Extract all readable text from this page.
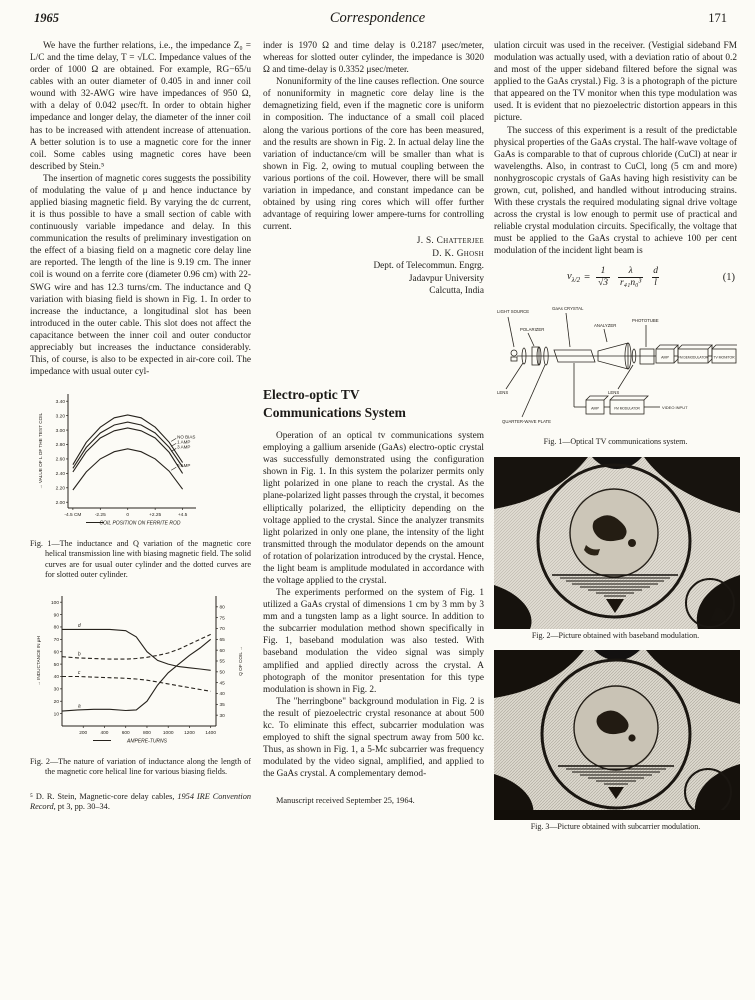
1965	Correspondence	171

We have the further relations, i.e., the impedance Z₀ = L/C and the time delay, T = √LC. Impedance values of the order of 1000 Ω are obtained. For example, RG−65/u cables with an outer diameter of 0.405 in and inner coil wound with 32-AWG wire have impedances of 950 Ω, with a delay of 0.042 μsec/ft. In order to obtain higher impedance and longer delay, the diameter of the inner coil has to be increased with attendent increase of attenuation. A better solution is to use a magnetic core for the inner coil. Some cables using magnetic cores have been described by Stein.⁵

The insertion of magnetic cores suggests the possibility of modulating the value of μ and hence inductance by applied biasing magnetic field. By varying the dc current, it is thus possible to have a small section of cable with continuously variable impedance and delay. In this communication the results of preliminary investigation on the effect of a biasing field on a magnetic core delay line are reported. The length of the line is 9.19 cm. The inner coil is wound on a ferrite core (diameter 0.96 cm) with 22-SWG wire and has 12.3 turns/cm. The inductance and Q variation with biasing field is shown in Fig. 1. In order to increase the inductance, a longitudinal slot has been introduced in the outer cable. This slot does not affect the capacitance between the inner coil and outer conductor appreciably but increases the inductance considerably. This, of course, is also to be expected in air-core coil. The impedance with usual outer cyl-

2.00
2.20
2.40
2.60
2.80
3.00
3.20
3.40
-4.5 CM	-2.25	0	+2.25	+4.5
COIL POSITION ON FERRITE ROD
→ VALUE OF L OF THE TEST COIL	NO BIAS
1 AMP
3 AMP
5 AMP
Fig. 1—The inductance and Q variation of the magnetic core helical transmission line with biasing magnetic field. The solid curves are for usual outer cylinder and the dotted curves are for slotted outer cylinder.
10
20
30
40
50
60
70
80
90
100
30
35
40
45
50
55
60
65
70
75
80
200	400	600	800 1000 1200 1400
AMPERE-TURNS
→ INDUCTANCE IN μH	Q OF COIL →
d
a
b
c
Fig. 2—The nature of variation of inductance along the length of the magnetic core helical line for various biasing fields.

⁵ D. R. Stein, Magnetic-core delay cables, 1954 IRE Convention Record, pt 3, pp. 30–34.

inder is 1970 Ω and time delay is 0.2187 μsec/meter, whereas for slotted outer cylinder, the impedance is 3020 Ω and time-delay is 0.3352 μsec/meter.

Nonuniformity of the line causes reflection. One source of nonuniformity in magnetic core delay line is the demagnetizing field, even if the magnetic core is uniform in composition. The inductance of a small coil placed along the various portions of the core has been measured, and the results are shown in Fig. 2. In actual delay line the variation of inductance/cm will be smaller than what is shown in Fig. 2, owing to mutual coupling between the various portions of the coil. However, there will be small variation in impedance, and constant impedance can be obtained by using ring cores which will offer further advantage of requiring lower ampere-turns for controlling current.

J. S. Chatterjee
D. K. Ghosh
Dept. of Telecommun. Engrg.
Jadavpur University
Calcutta, India
Electro-optic TV
Communications System

Operation of an optical tv communications system employing a gallium arsenide (GaAs) electro-optic crystal was successfully demonstrated using the configuration shown in Fig. 1. In this system the polarizer permits only light polarized in one plane to reach the crystal. As the plane-polarized light passes through the crystal, it becomes elliptically polarized, the ellipticity depending on the voltage applied to the crystal. Since the analyzer transmits light polarized in only one plane, the intensity of the light transmitted through the modulator depends on the amount of rotation of polarization introduced by the crystal. Hence, the light beam is amplitude modulated in accordance with the voltage applied to the crystal.

The experiments performed on the system of Fig. 1 utilized a GaAs crystal of dimensions 1 cm by 3 mm by 3 mm and a tungsten lamp as a light source. In addition to the subcarrier modulation method shown specifically in Fig. 1, baseband modulation was also tested. With baseband modulation the video signal was simply amplified and applied directly across the crystal. A photograph of the monitor presentation for this type modulation is shown in Fig. 2.

The "herringbone" background modulation in Fig. 2 is the result of piezoelectric crystal resonance at about 500 kc. To eliminate this effect, subcarrier modulation was employed to shift the signal spectrum away from 500 kc. Thus, as shown in Fig. 1, a 5-Mc subcarrier was frequency modulated by the video signal, amplified, and applied to the GaAs crystal. A complementary demod-

Manuscript received September 25, 1964.

ulation circuit was used in the receiver. (Vestigial sideband FM modulation was actually used, with a deviation ratio of about 0.2 and most of the upper sideband filtered before the signal was applied to the GaAs crystal.) Fig. 3 is a photograph of the picture that appeared on the TV monitor when this type modulation was used. It is evident that no piezoelectric distortion appears in this picture.

The success of this experiment is a result of the predictable physical properties of the GaAs crystal. The half-wave voltage of GaAs is comparable to that of cuprous chloride (CuCl) at near ir wavelengths. Also, in contrast to CuCl, long (5 cm and more) nonhygroscopic crystals of GaAs having high resistivity can be grown, cut, polished, and handled without introducing strains. With these crystals the required modulating signal drive voltage across the crystal is low enough to permit use of practical and reliable crystal modulation circuits. Specifically, the voltage that must be applied to the GaAs crystal to achieve 100 per cent modulation of the incident light beam is

$v_{\lambda/2} = \frac{1}{√3} \frac{\lambda}{\text{r₄₁n₀³}} \frac{d}{l}$	(1)
LIGHT SOURCE
LENS
POLARIZER
QUARTER-WAVE PLATE
GaAs CRYSTAL
ANALYZER
LENS
PHOTOTUBE
AMP	FM DEMODULATOR TV MONITOR
AMP	FM MODULATOR	VIDEO INPUT
Fig. 1—Optical TV communications system.
Fig. 2—Picture obtained with baseband modulation.
Fig. 3—Picture obtained with subcarrier modulation.
